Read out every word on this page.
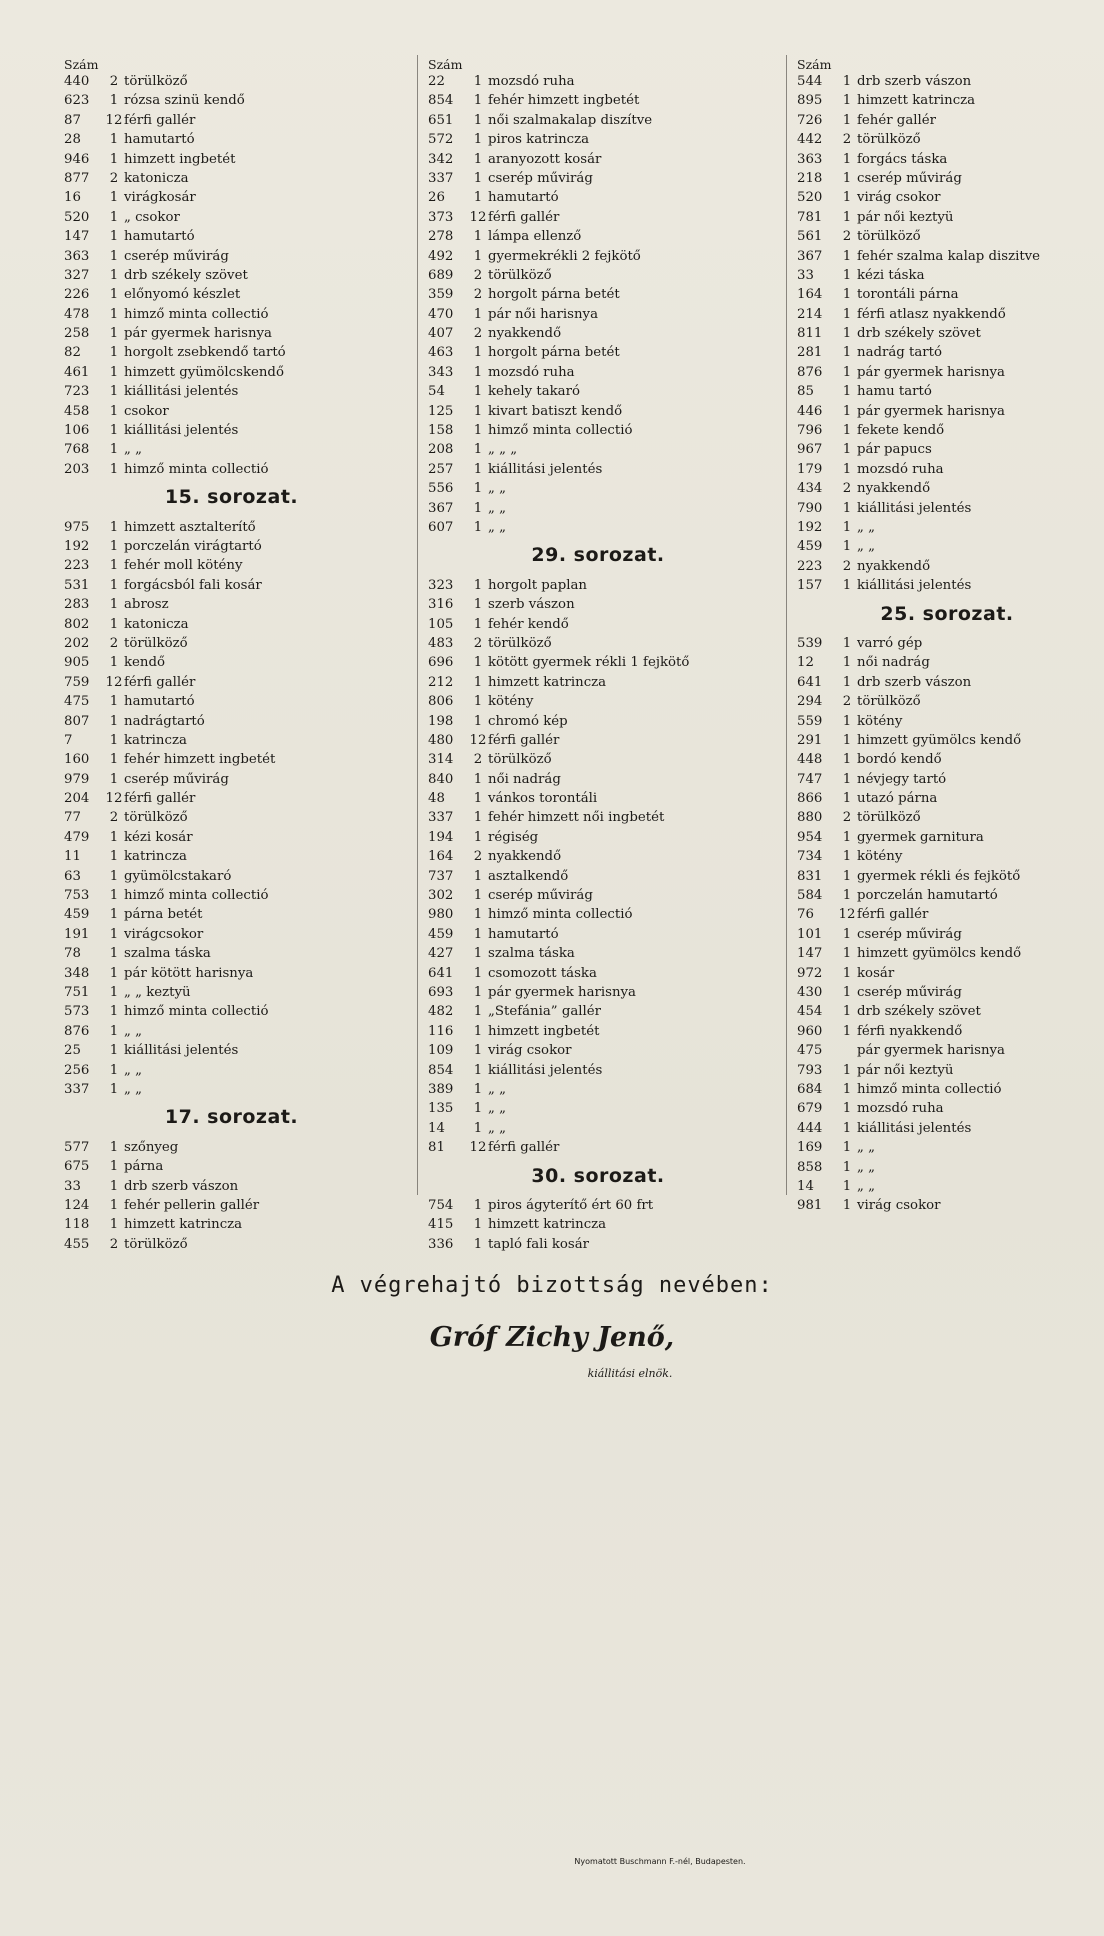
Szám
440	2 törülköző
623	1 rózsa szinü kendő
87	12 férfi gallér
28	1 hamutartó
946	1 himzett ingbetét
877	2 katonicza
16	1 virágkosár
520	1 „ csokor
147	1 hamutartó
363	1 cserép művirág
327	1 drb székely szövet
226	1 előnyomó készlet
478	1 himző minta collectió
258	1 pár gyermek harisnya
82	1 horgolt zsebkendő tartó
461	1 himzett gyümölcskendő
723	1 kiállitási jelentés
458	1 csokor
106	1 kiállitási jelentés
768	1 „ „
203	1 himző minta collectió
15. sorozat.
975	1 himzett asztalterítő
192	1 porczelán virágtartó
223	1 fehér moll kötény
531	1 forgácsból fali kosár
283	1 abrosz
802	1 katonicza
202	2 törülköző
905	1 kendő
759	12 férfi gallér
475	1 hamutartó
807	1 nadrágtartó
7	1 katrincza
160	1 fehér himzett ingbetét
979	1 cserép művirág
204	12 férfi gallér
77	2 törülköző
479	1 kézi kosár
11	1 katrincza
63	1 gyümölcstakaró
753	1 himző minta collectió
459	1 párna betét
191	1 virágcsokor
78	1 szalma táska
348	1 pár kötött harisnya
751	1 „ „ keztyü
573	1 himző minta collectió
876	1 „ „
25	1 kiállitási jelentés
256	1 „ „
337	1 „ „
17. sorozat.
577	1 szőnyeg
675	1 párna
33	1 drb szerb vászon
124	1 fehér pellerin gallér
118	1 himzett katrincza
455	2 törülköző
Szám
22	1 mozsdó ruha
854	1 fehér himzett ingbetét
651	1 női szalmakalap diszítve
572	1 piros katrincza
342	1 aranyozott kosár
337	1 cserép művirág
26	1 hamutartó
373	12 férfi gallér
278	1 lámpa ellenző
492	1 gyermekrékli 2 fejkötő
689	2 törülköző
359	2 horgolt párna betét
470	1 pár női harisnya
407	2 nyakkendő
463	1 horgolt párna betét
343	1 mozsdó ruha
54	1 kehely takaró
125	1 kivart batiszt kendő
158	1 himző minta collectió
208	1 „ „ „
257	1 kiállitási jelentés
556	1 „ „
367	1 „ „
607	1 „ „
29. sorozat.
323	1 horgolt paplan
316	1 szerb vászon
105	1 fehér kendő
483	2 törülköző
696	1 kötött gyermek rékli 1 fejkötő
212	1 himzett katrincza
806	1 kötény
198	1 chromó kép
480	12 férfi gallér
314	2 törülköző
840	1 női nadrág
48	1 vánkos torontáli
337	1 fehér himzett női ingbetét
194	1 régiség
164	2 nyakkendő
737	1 asztalkendő
302	1 cserép művirág
980	1 himző minta collectió
459	1 hamutartó
427	1 szalma táska
641	1 csomozott táska
693	1 pár gyermek harisnya
482	1 „Stefánia” gallér
116	1 himzett ingbetét
109	1 virág csokor
854	1 kiállitási jelentés
389	1 „ „
135	1 „ „
14	1 „ „
81	12 férfi gallér
30. sorozat.
754	1 piros ágyterítő ért 60 frt
415	1 himzett katrincza
336	1 tapló fali kosár
Szám
544	1 drb szerb vászon
895	1 himzett katrincza
726	1 fehér gallér
442	2 törülköző
363	1 forgács táska
218	1 cserép művirág
520	1 virág csokor
781	1 pár női keztyü
561	2 törülköző
367	1 fehér szalma kalap diszitve
33	1 kézi táska
164	1 torontáli párna
214	1 férfi atlasz nyakkendő
811	1 drb székely szövet
281	1 nadrág tartó
876	1 pár gyermek harisnya
85	1 hamu tartó
446	1 pár gyermek harisnya
796	1 fekete kendő
967	1 pár papucs
179	1 mozsdó ruha
434	2 nyakkendő
790	1 kiállitási jelentés
192	1 „ „
459	1 „ „
223	2 nyakkendő
157	1 kiállitási jelentés
25. sorozat.
539	1 varró gép
12	1 női nadrág
641	1 drb szerb vászon
294	2 törülköző
559	1 kötény
291	1 himzett gyümölcs kendő
448	1 bordó kendő
747	1 névjegy tartó
866	1 utazó párna
880	2 törülköző
954	1 gyermek garnitura
734	1 kötény
831	1 gyermek rékli és fejkötő
584	1 porczelán hamutartó
76	12 férfi gallér
101	1 cserép művirág
147	1 himzett gyümölcs kendő
972	1 kosár
430	1 cserép művirág
454	1 drb székely szövet
960	1 férfi nyakkendő
475	pár gyermek harisnya
793	1 pár női keztyü
684	1 himző minta collectió
679	1 mozsdó ruha
444	1 kiállitási jelentés
169	1 „ „
858	1 „ „
14	1 „ „
981	1 virág csokor
A végrehajtó bizottság nevében:
Gróf Zichy Jenő,
kiállitási elnök.
Nyomatott Buschmann F.-nél, Budapesten.
